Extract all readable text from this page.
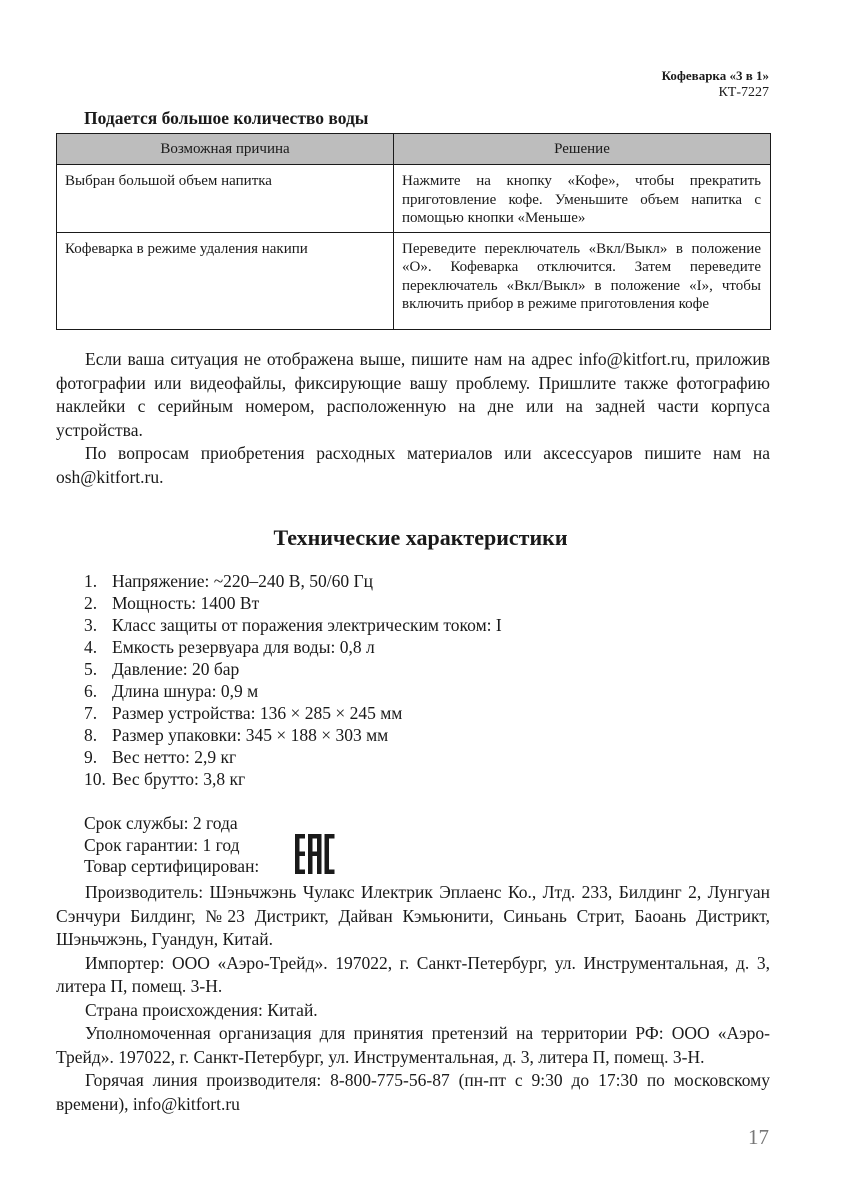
Кофеварка «3 в 1»
КТ-7227
Подается большое количество воды
Возможная причина	Решение
Выбран большой объем напитка	Нажмите на кнопку «Кофе», чтобы прекратить приготовление кофе. Уменьшите объем напитка с помощью кнопки «Меньше»
Кофеварка в режиме удаления накипи	Переведите переключатель «Вкл/Выкл» в положение «О». Кофеварка отключится. Затем переведите переключатель «Вкл/Выкл» в положение «I», чтобы включить прибор в режиме приготовления кофе

Если ваша ситуация не отображена выше, пишите нам на адрес info@kitfort.ru, приложив фотографии или видеофайлы, фиксирующие вашу проблему. Пришлите также фотографию наклейки с серийным номером, расположенную на дне или на задней части корпуса устройства.

По вопросам приобретения расходных материалов или аксессуаров пишите нам на osh@kitfort.ru.

Технические характеристики
1. Напряжение: ~220–240 В, 50/60 Гц
2. Мощность: 1400 Вт
3. Класс защиты от поражения электрическим током: I
4. Емкость резервуара для воды: 0,8 л
5. Давление: 20 бар
6. Длина шнура: 0,9 м
7. Размер устройства: 136 × 285 × 245 мм
8. Размер упаковки: 345 × 188 × 303 мм
9. Вес нетто: 2,9 кг
10. Вес брутто: 3,8 кг
Срок службы: 2 года
Срок гарантии: 1 год
Товар сертифицирован:

Производитель: Шэньчжэнь Чулакс Илектрик Эплаенс Ко., Лтд. 233, Билдинг 2, Лунгуан Сэнчури Билдинг, №23 Дистрикт, Дайван Кэмьюнити, Синьань Стрит, Баоань Дистрикт, Шэньчжэнь, Гуандун, Китай.

Импортер: ООО «Аэро-Трейд». 197022, г. Санкт-Петербург, ул. Инструментальная, д. 3, литера П, помещ. 3-Н.

Страна происхождения: Китай.

Уполномоченная организация для принятия претензий на территории РФ: ООО «Аэро-Трейд». 197022, г. Санкт-Петербург, ул. Инструментальная, д. 3, литера П, помещ. 3-Н.

Горячая линия производителя: 8-800-775-56-87 (пн-пт с 9:30 до 17:30 по московскому времени), info@kitfort.ru

17
